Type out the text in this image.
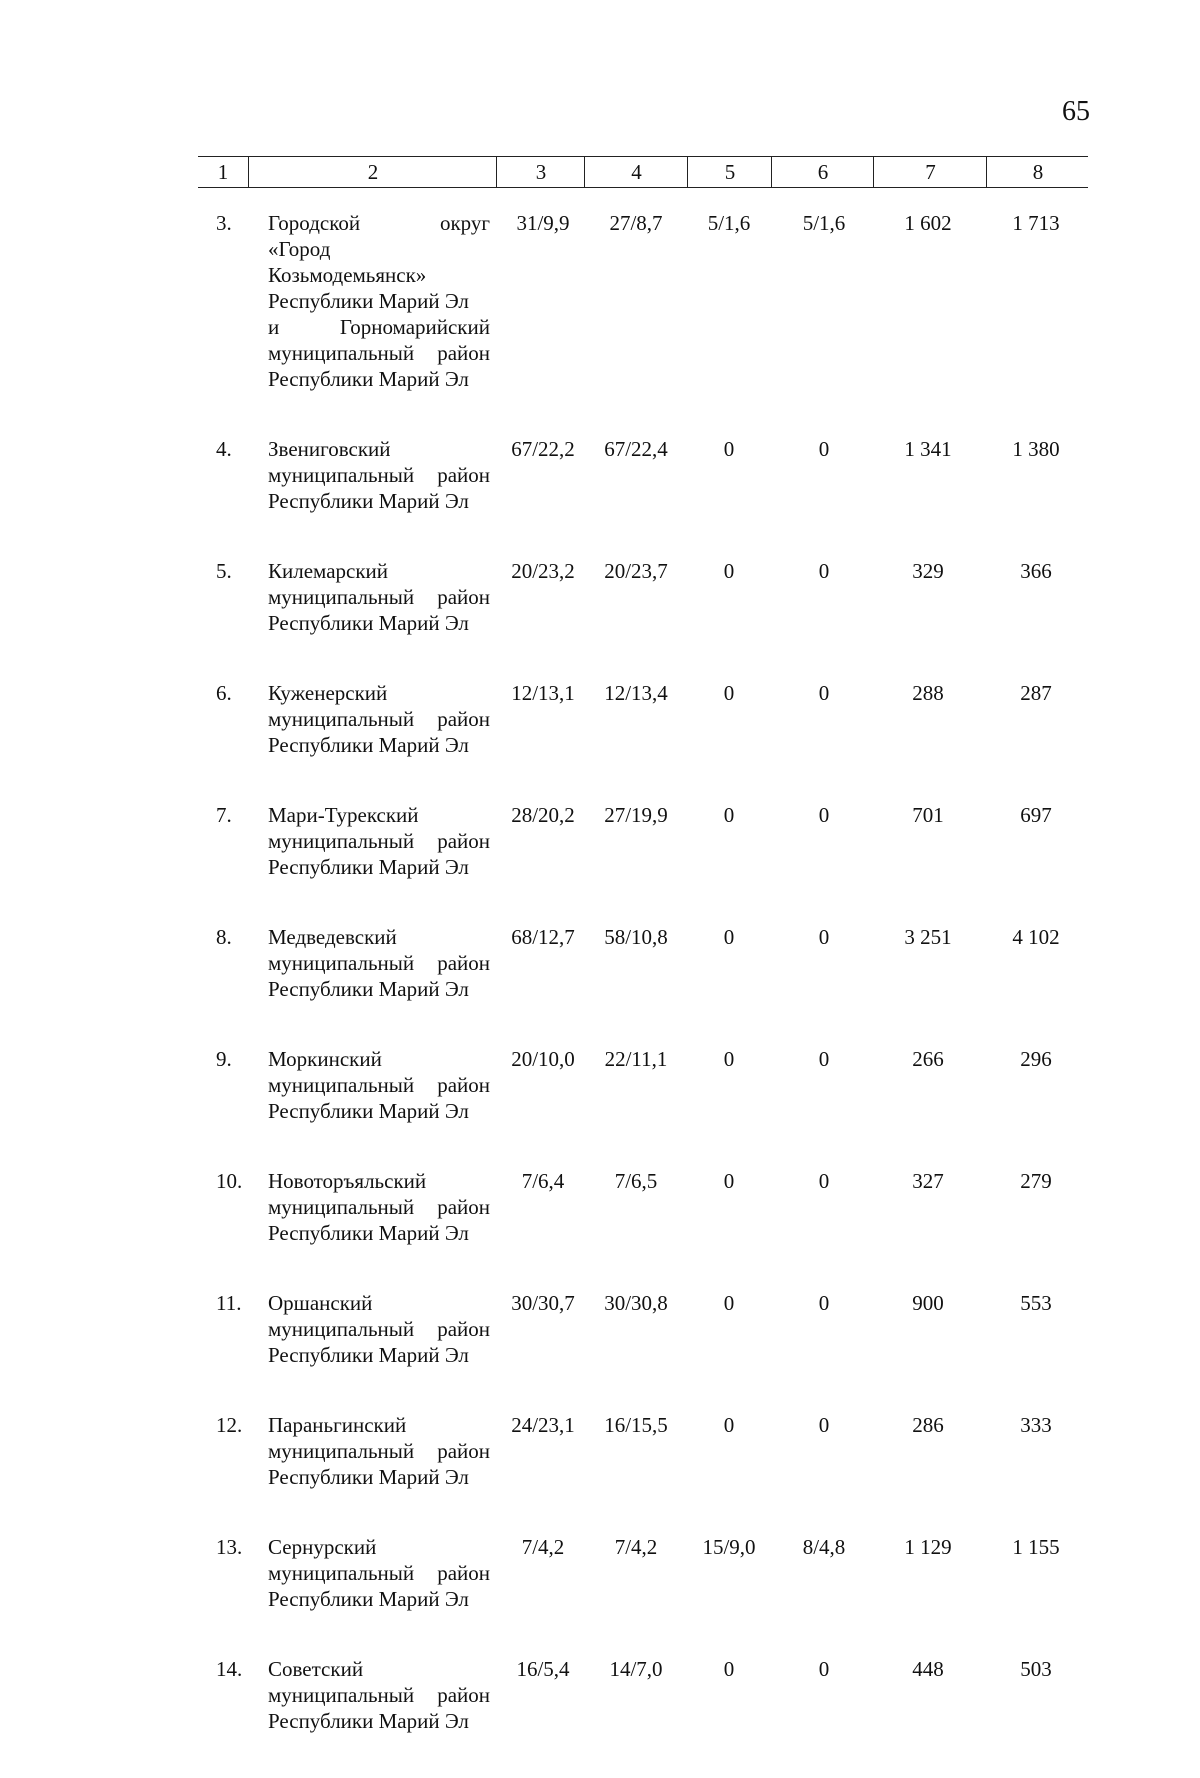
65
1	2	3	4	5	6	7	8
3. Городской округ
«Город
Козьмодемьянск»
Республики Марий Эл
и Горномарийский
муниципальный район
Республики Марий Эл
31/9,9	27/8,7	5/1,6	5/1,6	1 602	1 713
4. Звениговский
муниципальный район
Республики Марий Эл
67/22,2	67/22,4	0	0	1 341	1 380
5. Килемарский
муниципальный район
Республики Марий Эл
20/23,2	20/23,7	0	0	329	366
6. Куженерский
муниципальный район
Республики Марий Эл
12/13,1	12/13,4	0	0	288	287
7. Мари-Турекский
муниципальный район
Республики Марий Эл
28/20,2	27/19,9	0	0	701	697
8. Медведевский
муниципальный район
Республики Марий Эл
68/12,7	58/10,8	0	0	3 251	4 102
9. Моркинский
муниципальный район
Республики Марий Эл
20/10,0	22/11,1	0	0	266	296
10. Новоторъяльский
муниципальный район
Республики Марий Эл
7/6,4	7/6,5	0	0	327	279
11. Оршанский
муниципальный район
Республики Марий Эл
30/30,7	30/30,8	0	0	900	553
12. Параньгинский
муниципальный район
Республики Марий Эл
24/23,1	16/15,5	0	0	286	333
13. Сернурский
муниципальный район
Республики Марий Эл
7/4,2	7/4,2	15/9,0	8/4,8	1 129	1 155
14. Советский
муниципальный район
Республики Марий Эл
16/5,4	14/7,0	0	0	448	503
